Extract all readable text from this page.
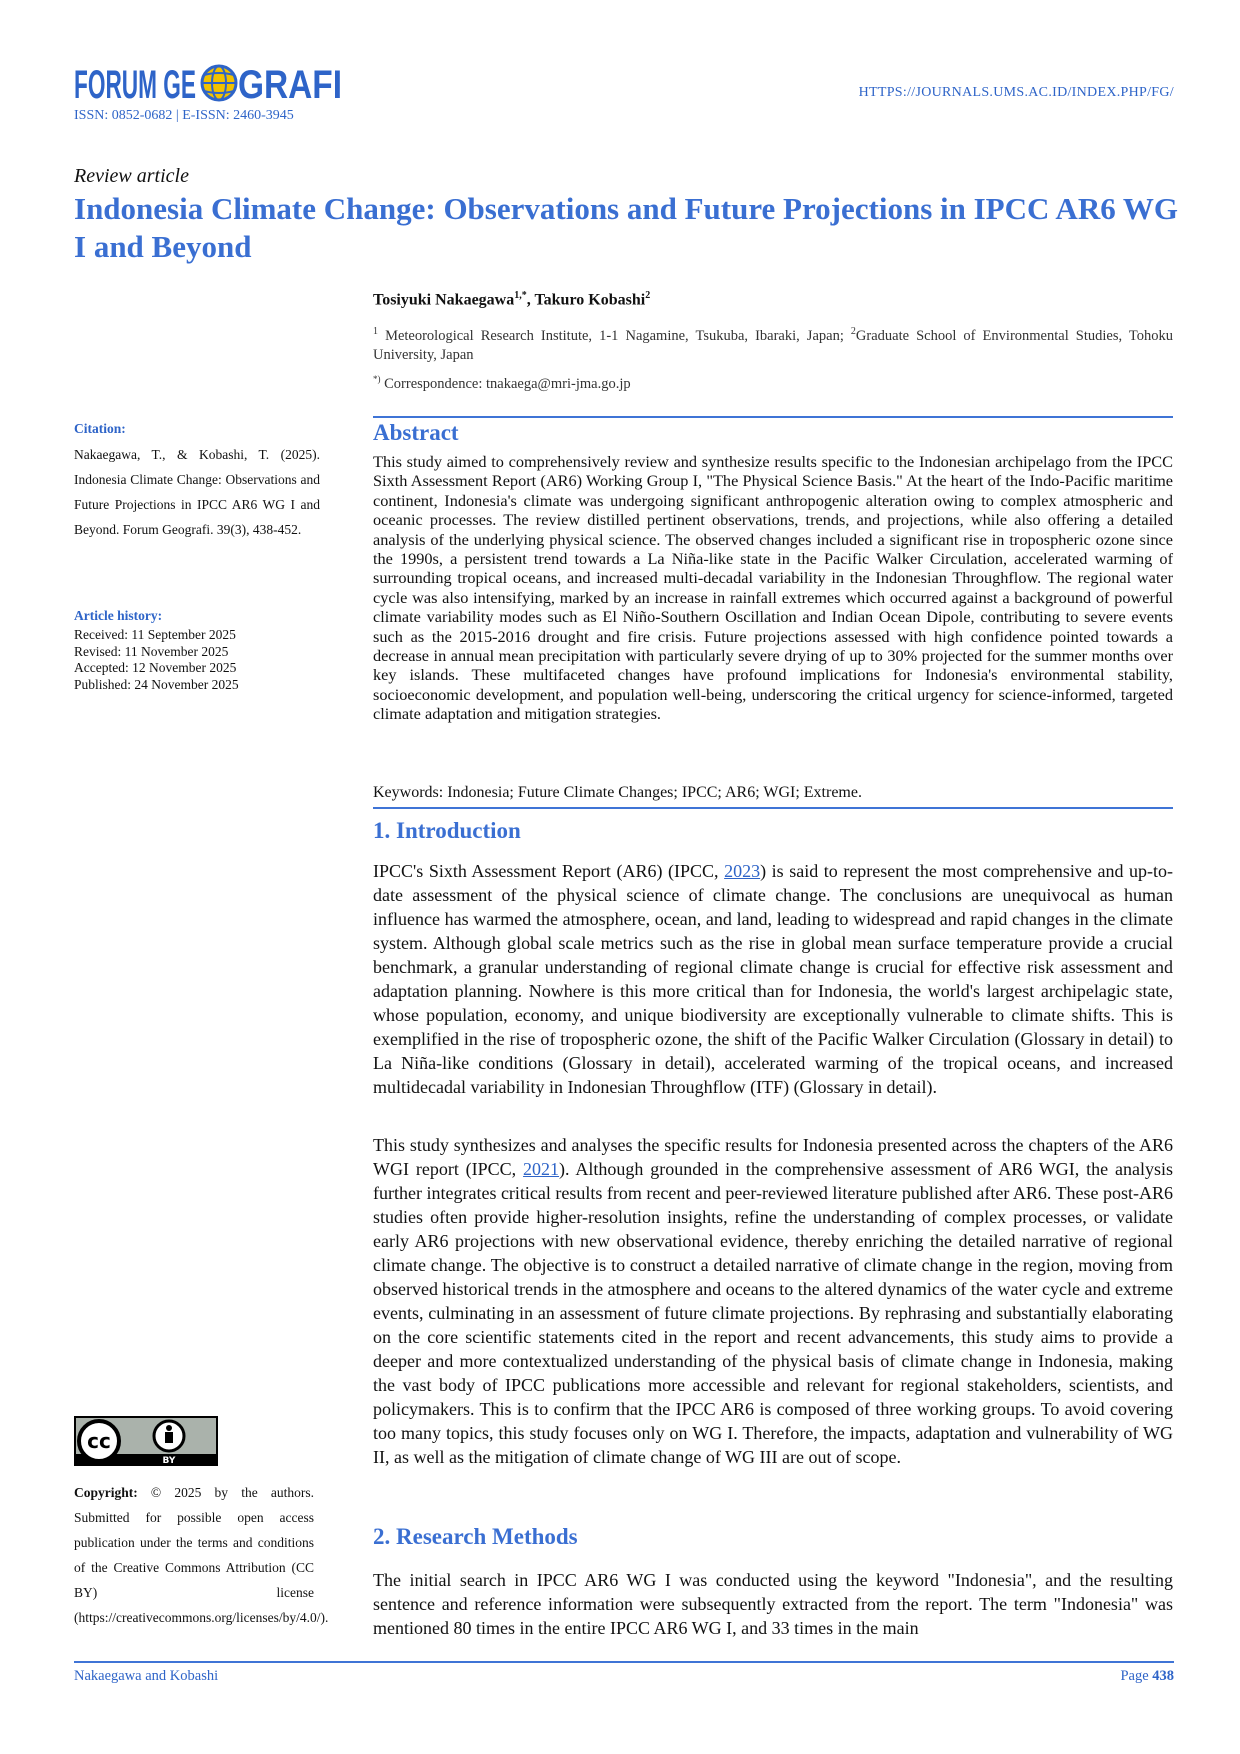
FORUM GE GRAFI
ISSN: 0852-0682 | E-ISSN: 2460-3945
HTTPS://JOURNALS.UMS.AC.ID/INDEX.PHP/FG/
Review article
Indonesia Climate Change: Observations and Future Projections in IPCC AR6 WG I and Beyond
Tosiyuki Nakaegawa$^{1,*}$, Takuro Kobashi$^2$
$^1$ Meteorological Research Institute, 1-1 Nagamine, Tsukuba, Ibaraki, Japan; $^2$Graduate School of Environmental Studies, Tohoku University, Japan
*) Correspondence: tnakaega@mri-jma.go.jp
Citation:
Nakaegawa, T., & Kobashi, T. (2025). Indonesia Climate Change: Observations and Future Projections in IPCC AR6 WG I and Beyond. Forum Geografi. 39(3), 438-452.
Article history:
Received: 11 September 2025
Revised: 11 November 2025
Accepted: 12 November 2025
Published: 24 November 2025
cc
BY
Copyright: © 2025 by the authors. Submitted for possible open access publication under the terms and conditions of the Creative Commons Attribution (CC BY) license (https://creativecommons.org/licenses/by/4.0/).
Abstract

This study aimed to comprehensively review and synthesize results specific to the Indonesian archipelago from the IPCC Sixth Assessment Report (AR6) Working Group I, "The Physical Science Basis." At the heart of the Indo-Pacific maritime continent, Indonesia's climate was undergoing significant anthropogenic alteration owing to complex atmospheric and oceanic processes. The review distilled pertinent observations, trends, and projections, while also offering a detailed analysis of the underlying physical science. The observed changes included a significant rise in tropospheric ozone since the 1990s, a persistent trend towards a La Niña-like state in the Pacific Walker Circulation, accelerated warming of surrounding tropical oceans, and increased multi-decadal variability in the Indonesian Throughflow. The regional water cycle was also intensifying, marked by an increase in rainfall extremes which occurred against a background of powerful climate variability modes such as El Niño-Southern Oscillation and Indian Ocean Dipole, contributing to severe events such as the 2015-2016 drought and fire crisis. Future projections assessed with high confidence pointed towards a decrease in annual mean precipitation with particularly severe drying of up to 30% projected for the summer months over key islands. These multifaceted changes have profound implications for Indonesia's environmental stability, socioeconomic development, and population well-being, underscoring the critical urgency for science-informed, targeted climate adaptation and mitigation strategies.

Keywords: Indonesia; Future Climate Changes; IPCC; AR6; WGI; Extreme.
1. Introduction

IPCC's Sixth Assessment Report (AR6) (IPCC, 2023) is said to represent the most comprehensive and up-to-date assessment of the physical science of climate change. The conclusions are unequivocal as human influence has warmed the atmosphere, ocean, and land, leading to widespread and rapid changes in the climate system. Although global scale metrics such as the rise in global mean surface temperature provide a crucial benchmark, a granular understanding of regional climate change is crucial for effective risk assessment and adaptation planning. Nowhere is this more critical than for Indonesia, the world's largest archipelagic state, whose population, economy, and unique biodiversity are exceptionally vulnerable to climate shifts. This is exemplified in the rise of tropospheric ozone, the shift of the Pacific Walker Circulation (Glossary in detail) to La Niña-like conditions (Glossary in detail), accelerated warming of the tropical oceans, and increased multidecadal variability in Indonesian Throughflow (ITF) (Glossary in detail).

This study synthesizes and analyses the specific results for Indonesia presented across the chapters of the AR6 WGI report (IPCC, 2021). Although grounded in the comprehensive assessment of AR6 WGI, the analysis further integrates critical results from recent and peer-reviewed literature published after AR6. These post-AR6 studies often provide higher-resolution insights, refine the understanding of complex processes, or validate early AR6 projections with new observational evidence, thereby enriching the detailed narrative of regional climate change. The objective is to construct a detailed narrative of climate change in the region, moving from observed historical trends in the atmosphere and oceans to the altered dynamics of the water cycle and extreme events, culminating in an assessment of future climate projections. By rephrasing and substantially elaborating on the core scientific statements cited in the report and recent advancements, this study aims to provide a deeper and more contextualized understanding of the physical basis of climate change in Indonesia, making the vast body of IPCC publications more accessible and relevant for regional stakeholders, scientists, and policymakers. This is to confirm that the IPCC AR6 is composed of three working groups. To avoid covering too many topics, this study focuses only on WG I. Therefore, the impacts, adaptation and vulnerability of WG II, as well as the mitigation of climate change of WG III are out of scope.

2. Research Methods

The initial search in IPCC AR6 WG I was conducted using the keyword "Indonesia", and the resulting sentence and reference information were subsequently extracted from the report. The term "Indonesia" was mentioned 80 times in the entire IPCC AR6 WG I, and 33 times in the main

Nakaegawa and Kobashi	Page 438
